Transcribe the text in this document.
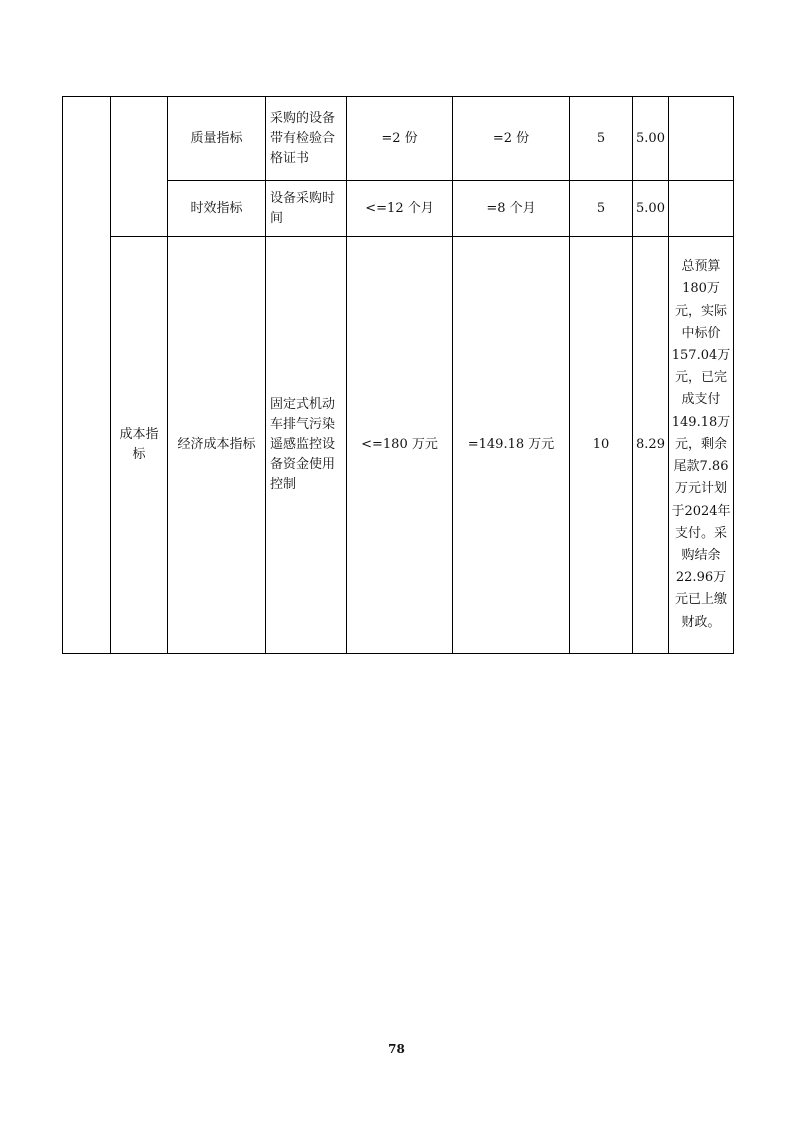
		质量指标	采购的设备带有检验合格证书	=2 份	=2 份	5	5.00	
		时效指标	设备采购时间	<=12 个月	=8 个月	5	5.00	
	成本指标	经济成本指标	固定式机动车排气污染遥感监控设备资金使用控制	<=180 万元	=149.18 万元	10	8.29	总预算180万元，实际中标价157.04万元，已完成支付149.18万元，剩余尾款7.86万元计划于2024年支付。采购结余22.96万元已上缴财政。
78
